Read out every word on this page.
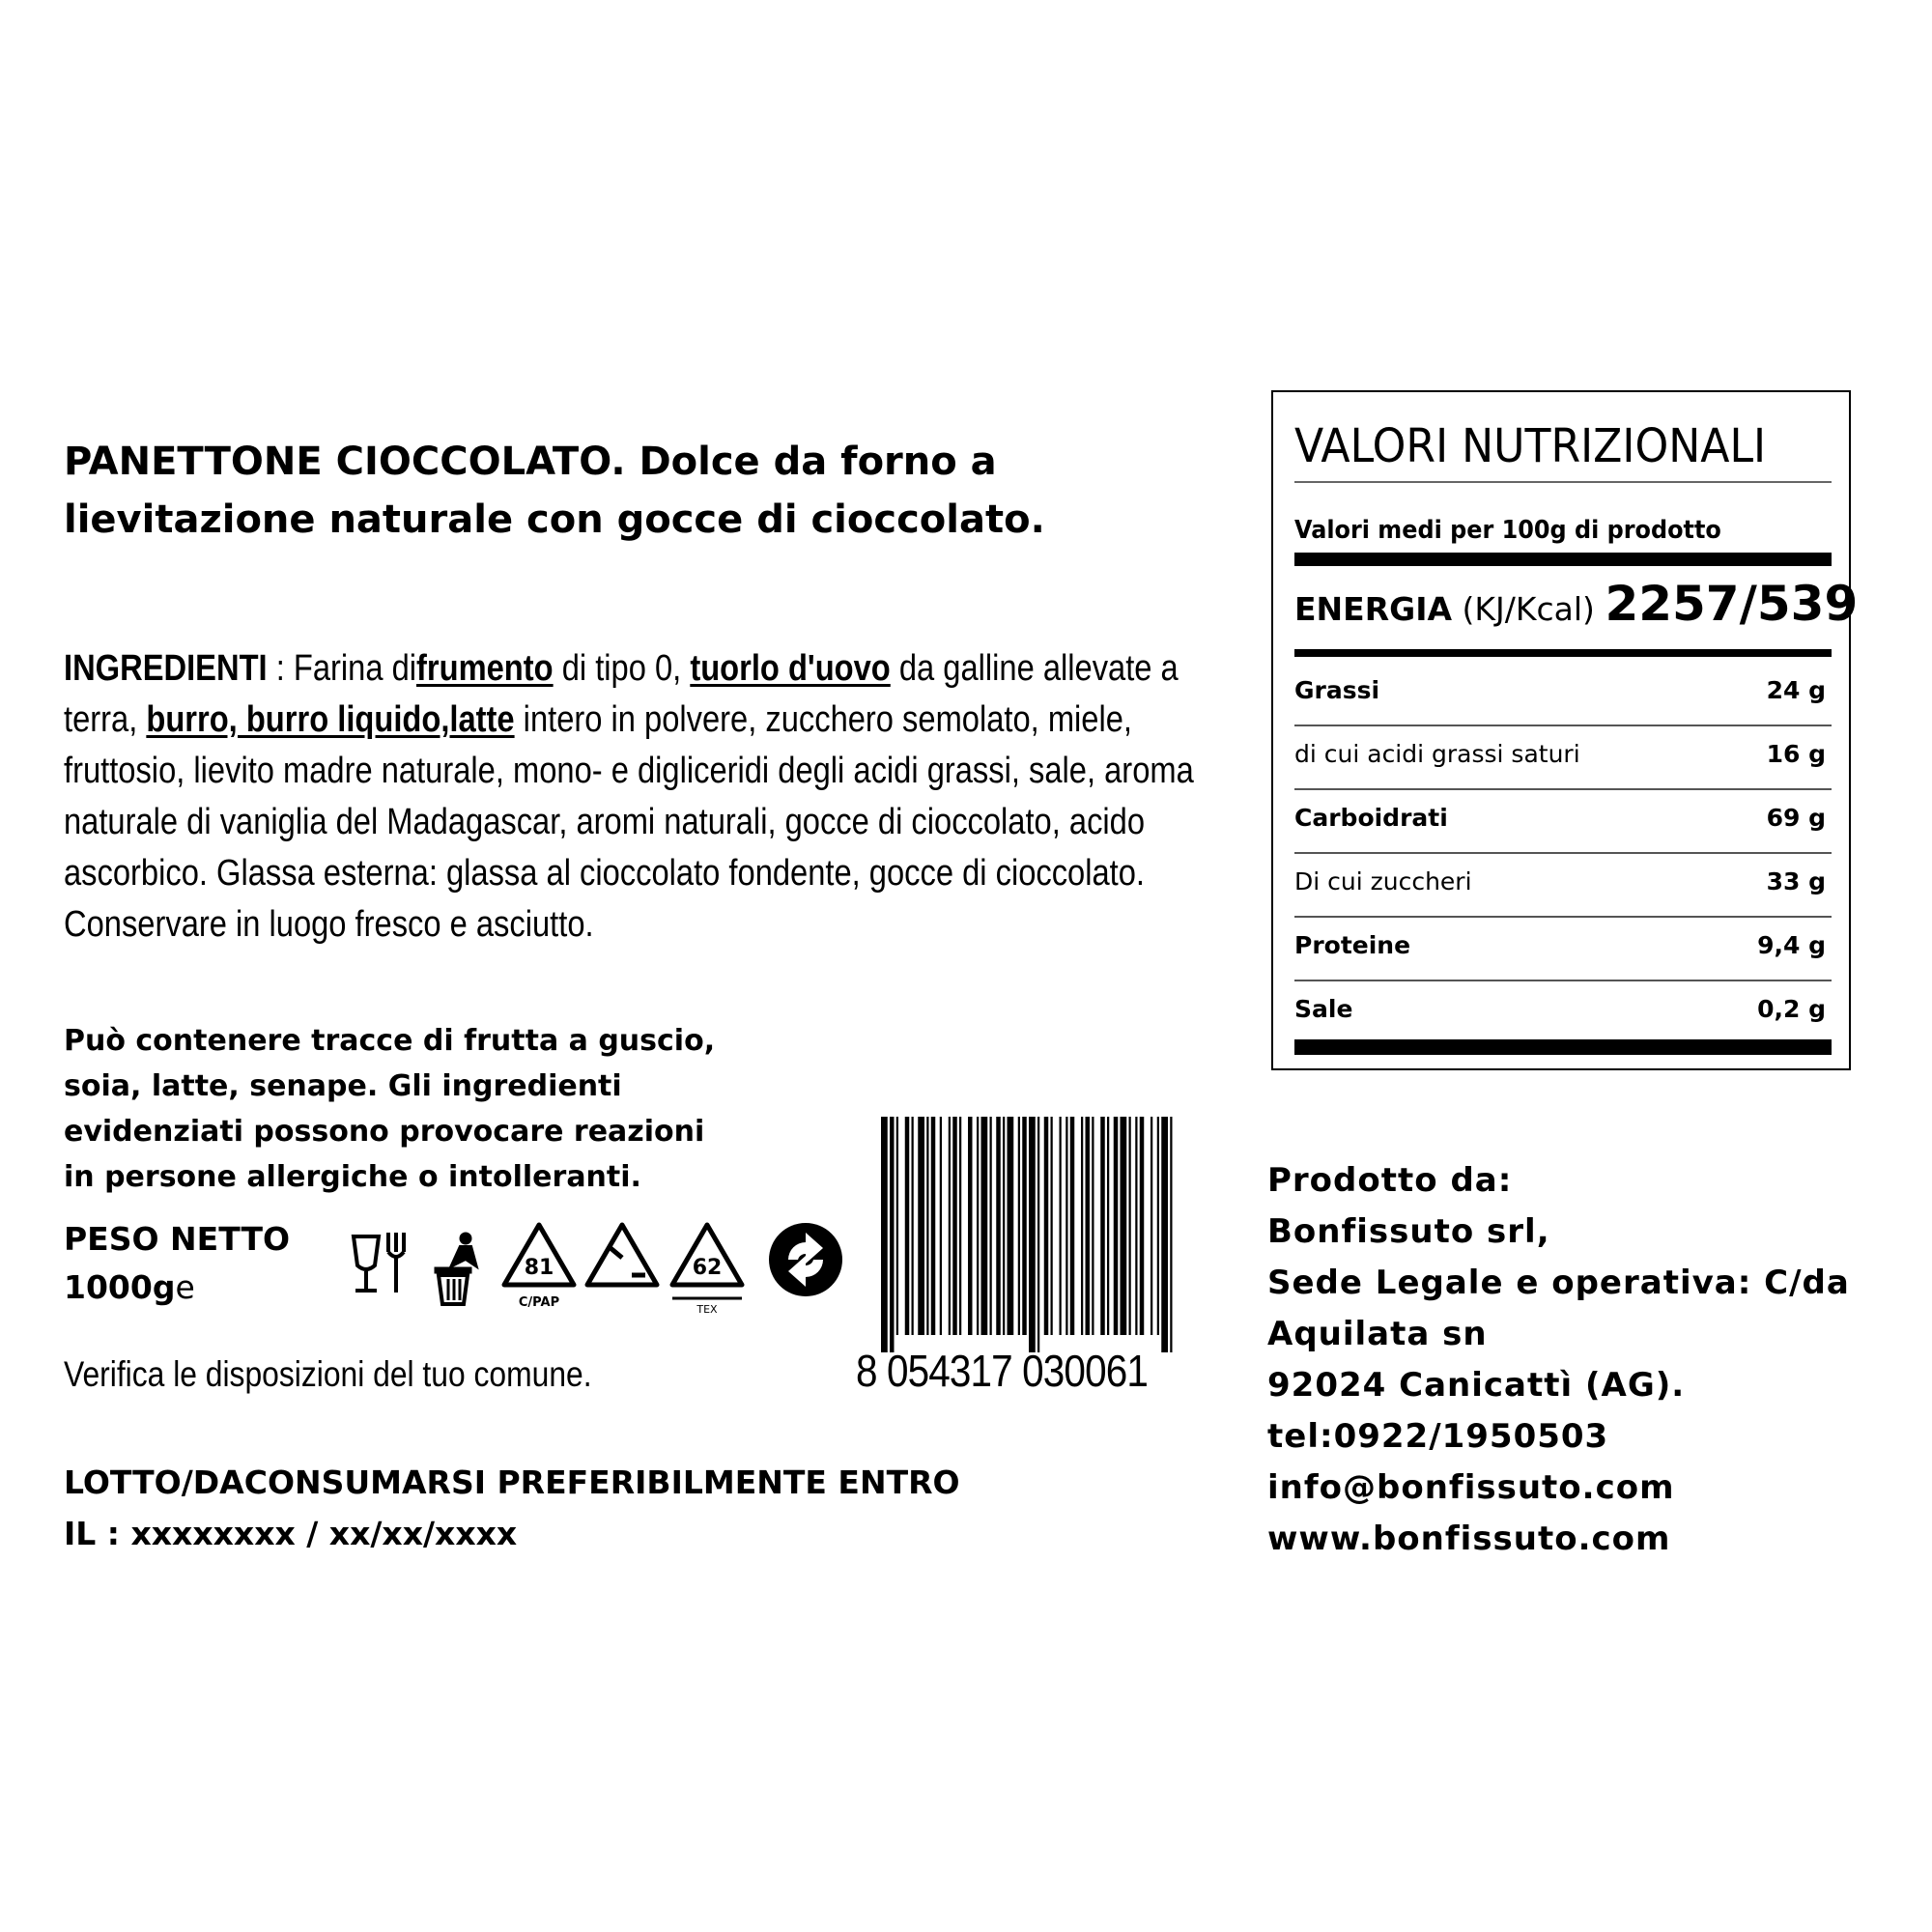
PANETTONE CIOCCOLATO. Dolce da forno a
lievitazione naturale con gocce di cioccolato.
INGREDIENTI : Farina difrumento di tipo 0, tuorlo d'uovo da galline allevate a terra, burro, burro liquido,latte intero in polvere, zucchero semolato, miele, fruttosio, lievito madre naturale, mono- e digliceridi degli acidi grassi, sale, aroma naturale di vaniglia del Madagascar, aromi naturali, gocce di cioccolato, acido ascorbico. Glassa esterna: glassa al cioccolato fondente, gocce di cioccolato.
Conservare in luogo fresco e asciutto.
Può contenere tracce di frutta a guscio,
soia, latte, senape. Gli ingredienti
evidenziati possono provocare reazioni
in persone allergiche o intolleranti.
PESO NETTO
1000ge
81
C/PAP
62
TEX
Verifica le disposizioni del tuo comune.	8 054317 030061
LOTTO/DACONSUMARSI PREFERIBILMENTE ENTRO
IL : xxxxxxxx / xx/xx/xxxx
VALORI NUTRIZIONALI
Valori medi per 100g di prodotto
ENERGIA (KJ/Kcal) 2257/539
Grassi	24 g
di cui acidi grassi saturi	16 g
Carboidrati	69 g
Di cui zuccheri	33 g
Proteine	9,4 g
Sale	0,2 g
Prodotto da:
Bonfissuto srl,
Sede Legale e operativa: C/da
Aquilata sn
92024 Canicattì (AG).
tel:0922/1950503
info@bonfissuto.com
www.bonfissuto.com
